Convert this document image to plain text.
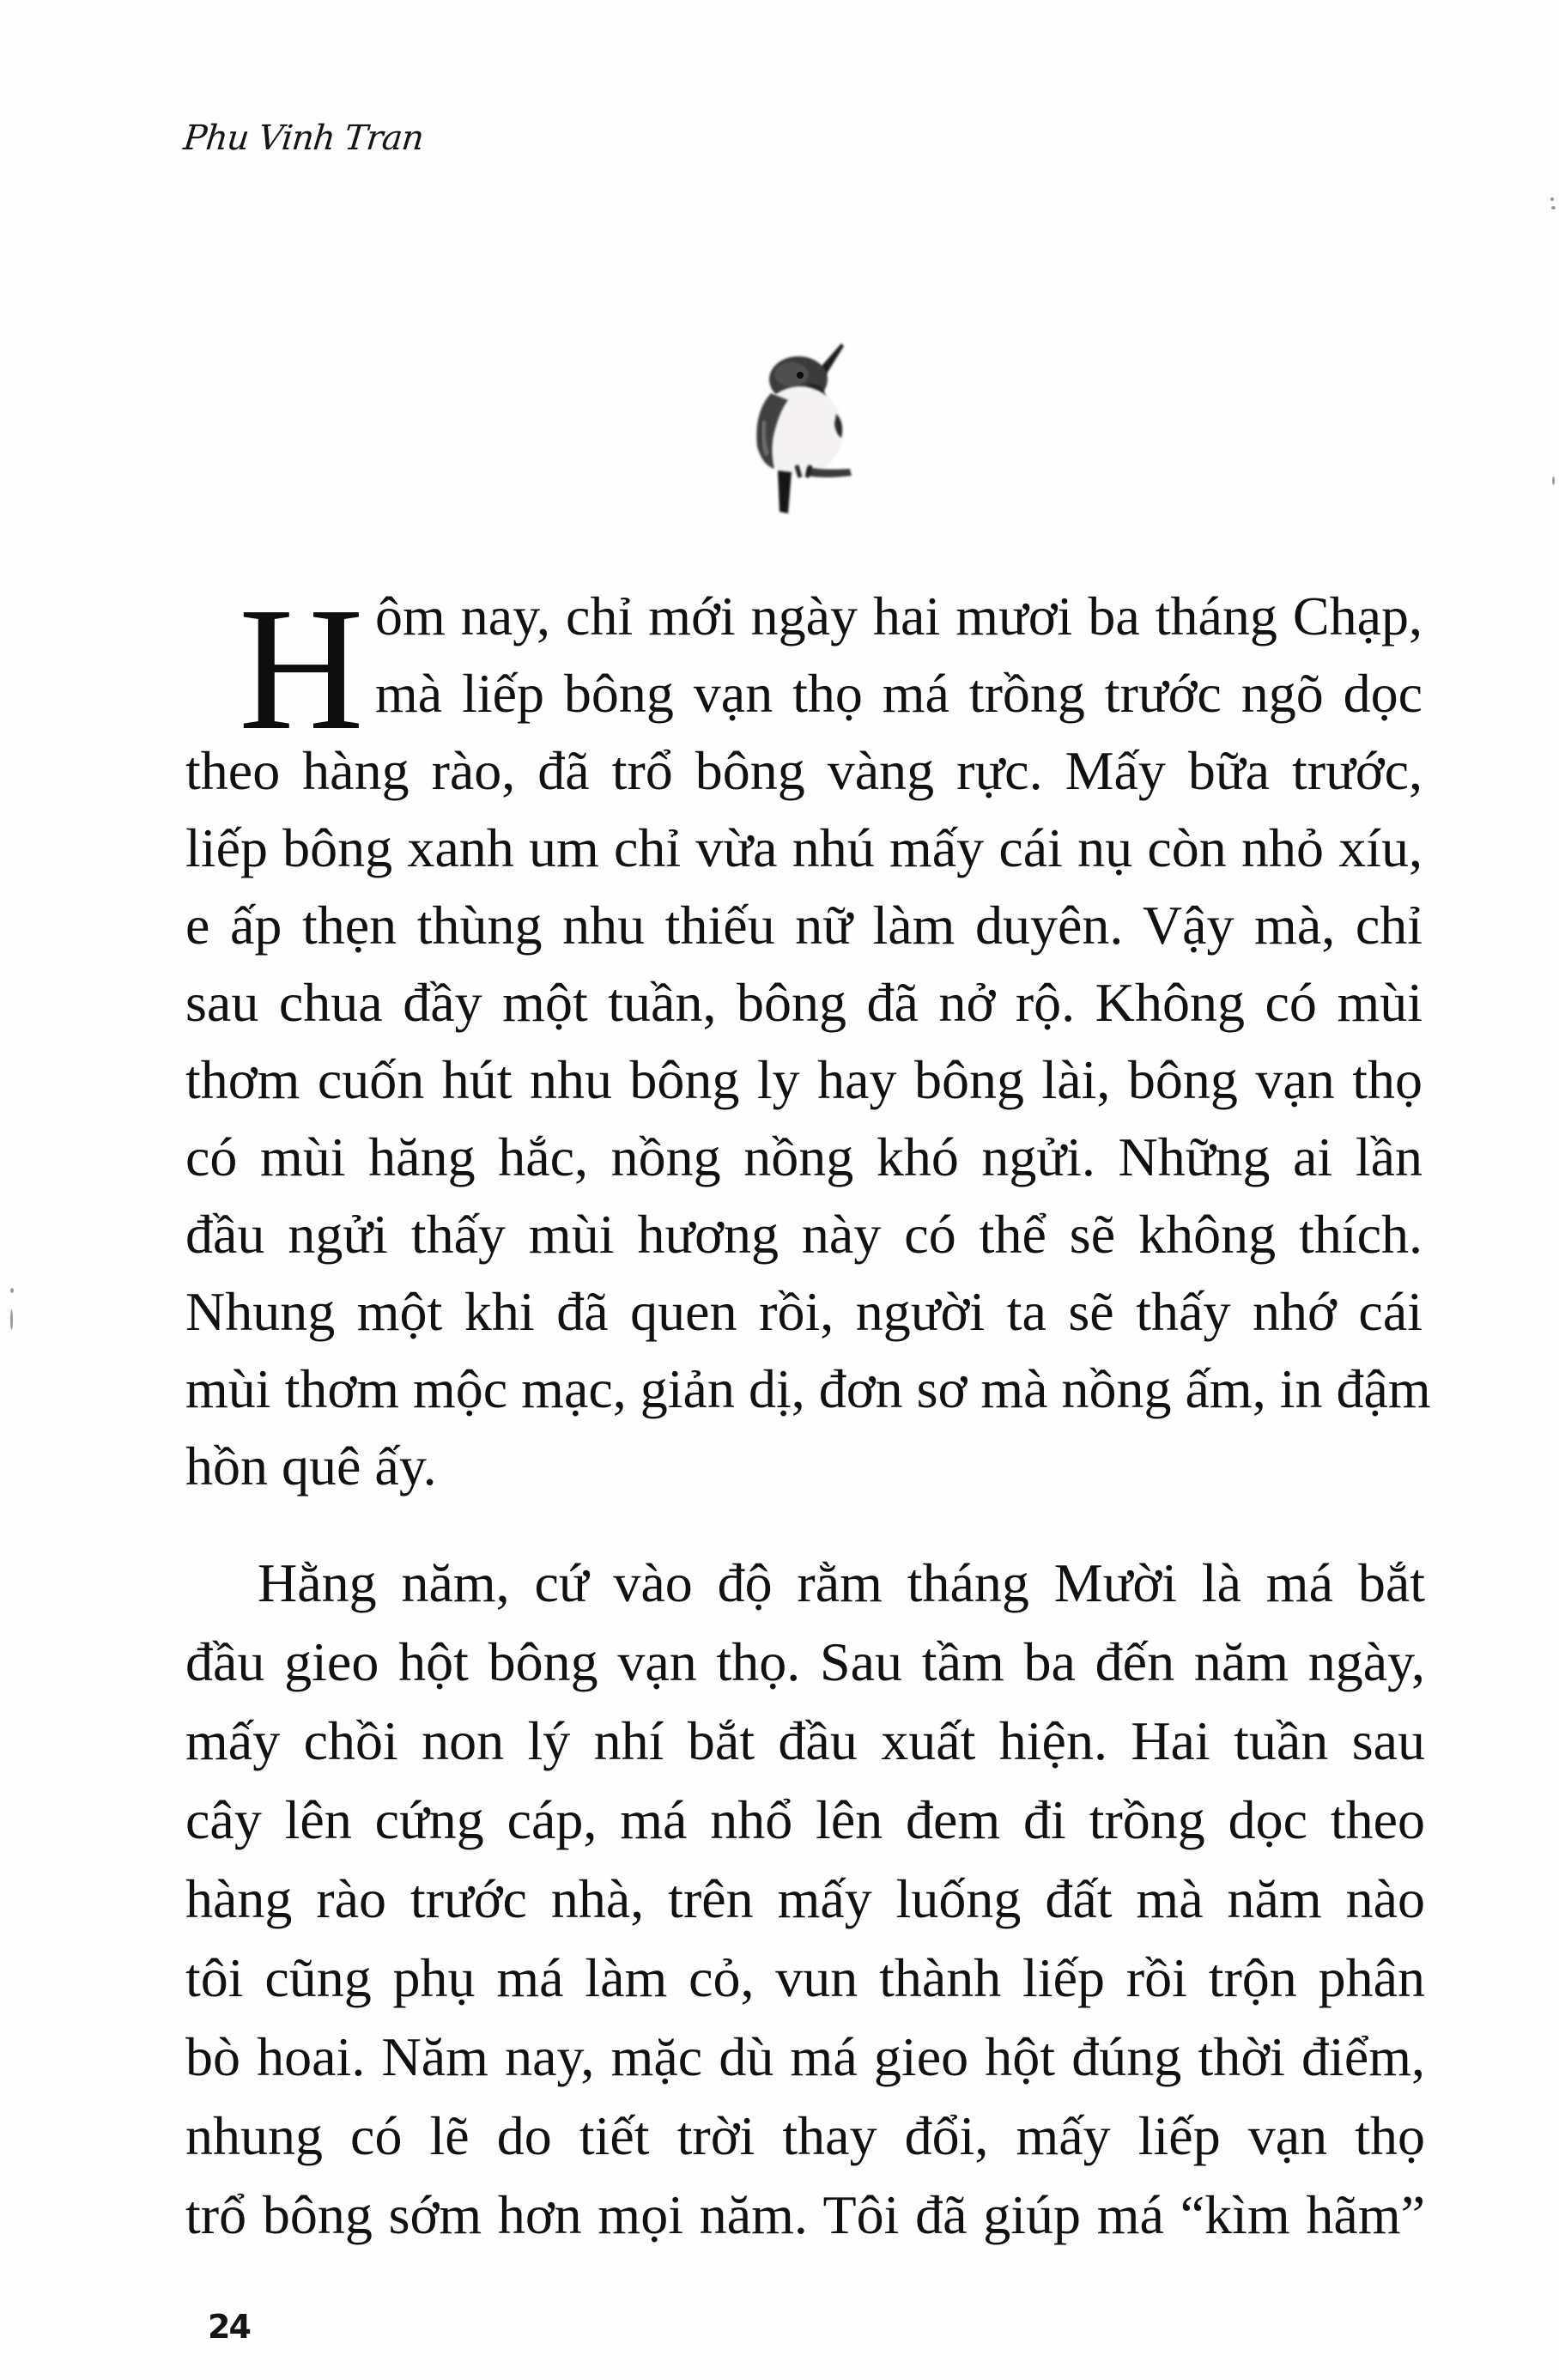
Phu Vinh Tran
H ôm nay, chỉ mới ngày hai mươi ba tháng Chạp,
mà liếp bông vạn thọ má trồng trước ngõ dọc
theo hàng rào, đã trổ bông vàng rực. Mấy bữa trước,
liếp bông xanh um chỉ vừa nhú mấy cái nụ còn nhỏ xíu,
e ấp thẹn thùng nhu thiếu nữ làm duyên. Vậy mà, chỉ
sau chua đầy một tuần, bông đã nở rộ. Không có mùi
thơm cuốn hút nhu bông ly hay bông lài, bông vạn thọ
có mùi hăng hắc, nồng nồng khó ngửi. Những ai lần
đầu ngửi thấy mùi hương này có thể sẽ không thích.
Nhung một khi đã quen rồi, người ta sẽ thấy nhớ cái
mùi thơm mộc mạc, giản dị, đơn sơ mà nồng ấm, in đậm
hồn quê ấy.
Hằng năm, cứ vào độ rằm tháng Mười là má bắt
đầu gieo hột bông vạn thọ. Sau tầm ba đến năm ngày,
mấy chồi non lý nhí bắt đầu xuất hiện. Hai tuần sau
cây lên cứng cáp, má nhổ lên đem đi trồng dọc theo
hàng rào trước nhà, trên mấy luống đất mà năm nào
tôi cũng phụ má làm cỏ, vun thành liếp rồi trộn phân
bò hoai. Năm nay, mặc dù má gieo hột đúng thời điểm,
nhung có lẽ do tiết trời thay đổi, mấy liếp vạn thọ
trổ bông sớm hơn mọi năm. Tôi đã giúp má “kìm hãm”
24
